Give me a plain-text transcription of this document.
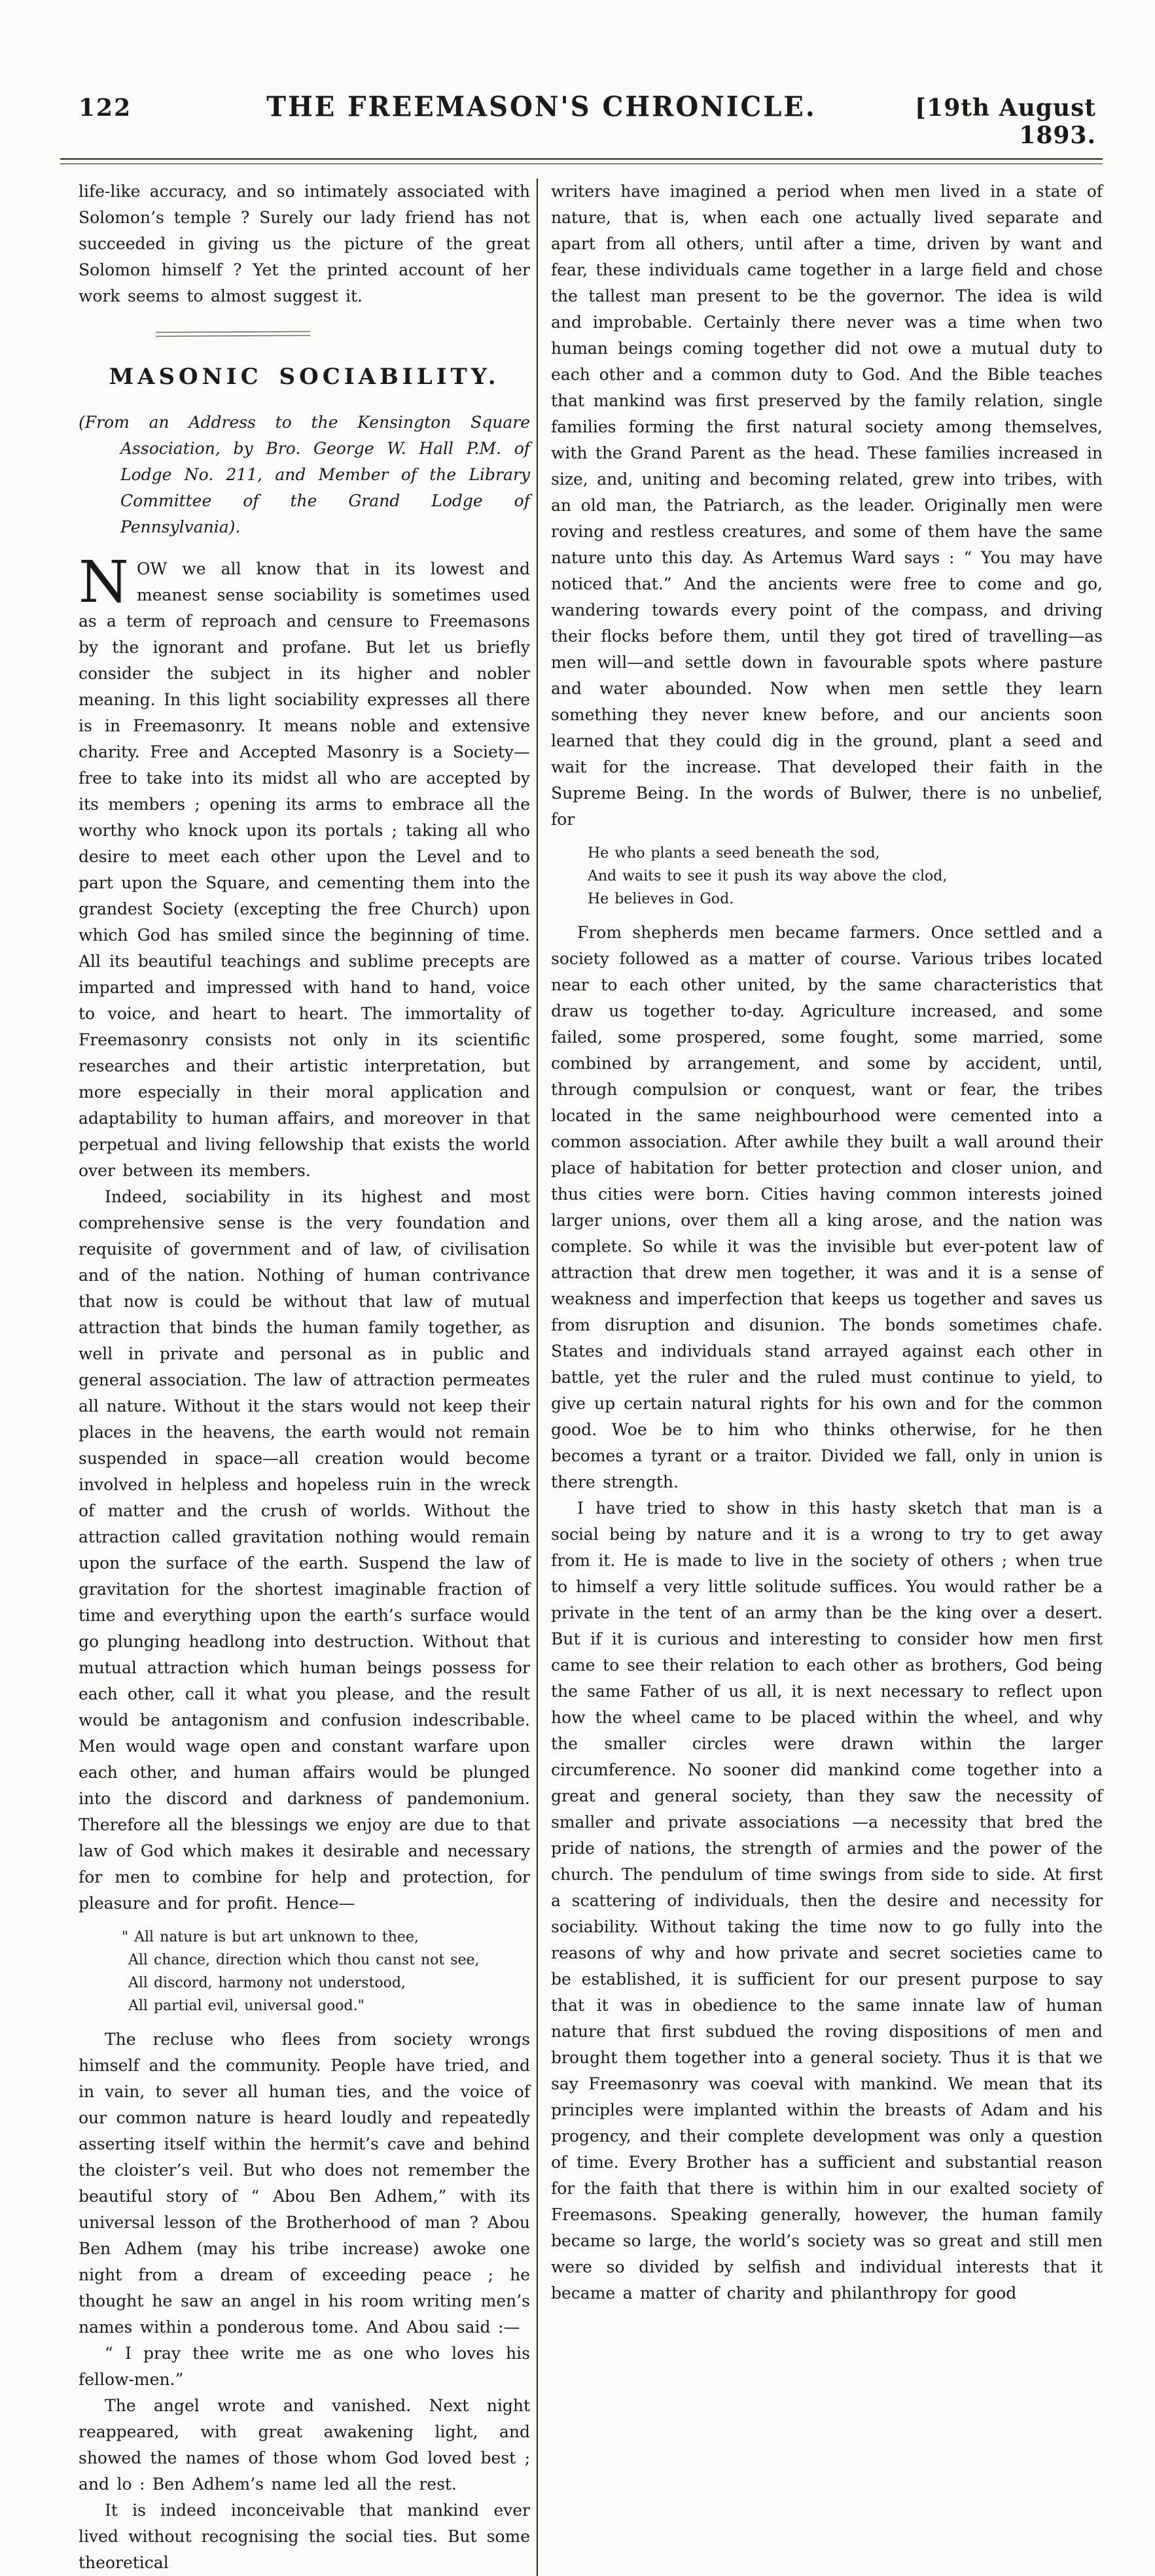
122	THE FREEMASON'S CHRONICLE.	[19th August 1893.

life-like accuracy, and so intimately associated with Solomon’s temple ? Surely our lady friend has not succeeded in giving us the picture of the great Solomon himself ? Yet the printed account of her work seems to almost suggest it.

MASONIC SOCIABILITY.

(From an Address to the Kensington Square Association, by Bro. George W. Hall P.M. of Lodge No. 211, and Member of the Library Committee of the Grand Lodge of Pennsylvania).

NOW we all know that in its lowest and meanest sense sociability is sometimes used as a term of reproach and censure to Freemasons by the ignorant and profane. But let us briefly consider the subject in its higher and nobler meaning. In this light sociability expresses all there is in Freemasonry. It means noble and extensive charity. Free and Accepted Masonry is a Society—free to take into its midst all who are accepted by its members ; opening its arms to embrace all the worthy who knock upon its portals ; taking all who desire to meet each other upon the Level and to part upon the Square, and cementing them into the grandest Society (excepting the free Church) upon which God has smiled since the beginning of time. All its beautiful teachings and sublime precepts are imparted and impressed with hand to hand, voice to voice, and heart to heart. The immortality of Freemasonry consists not only in its scientific researches and their artistic interpretation, but more especially in their moral application and adaptability to human affairs, and moreover in that perpetual and living fellowship that exists the world over between its members.

Indeed, sociability in its highest and most comprehensive sense is the very foundation and requisite of government and of law, of civilisation and of the nation. Nothing of human contrivance that now is could be without that law of mutual attraction that binds the human family together, as well in private and personal as in public and general association. The law of attraction permeates all nature. Without it the stars would not keep their places in the heavens, the earth would not remain suspended in space—all creation would become involved in helpless and hopeless ruin in the wreck of matter and the crush of worlds. Without the attraction called gravitation nothing would remain upon the surface of the earth. Suspend the law of gravitation for the shortest imaginable fraction of time and everything upon the earth’s surface would go plunging headlong into destruction. Without that mutual attraction which human beings possess for each other, call it what you please, and the result would be antagonism and confusion indescribable. Men would wage open and constant warfare upon each other, and human affairs would be plunged into the discord and darkness of pandemonium. Therefore all the blessings we enjoy are due to that law of God which makes it desirable and necessary for men to combine for help and protection, for pleasure and for profit. Hence—

" All nature is but art unknown to thee,
All chance, direction which thou canst not see,
All discord, harmony not understood,
All partial evil, universal good."

The recluse who flees from society wrongs himself and the community. People have tried, and in vain, to sever all human ties, and the voice of our common nature is heard loudly and repeatedly asserting itself within the hermit’s cave and behind the cloister’s veil. But who does not remember the beautiful story of “ Abou Ben Adhem,” with its universal lesson of the Brotherhood of man ? Abou Ben Adhem (may his tribe increase) awoke one night from a dream of exceeding peace ; he thought he saw an angel in his room writing men’s names within a ponderous tome. And Abou said :—

“ I pray thee write me as one who loves his fellow-men.”

The angel wrote and vanished. Next night reappeared, with great awakening light, and showed the names of those whom God loved best ; and lo : Ben Adhem’s name led all the rest.

It is indeed inconceivable that mankind ever lived without recognising the social ties. But some theoretical

writers have imagined a period when men lived in a state of nature, that is, when each one actually lived separate and apart from all others, until after a time, driven by want and fear, these individuals came together in a large field and chose the tallest man present to be the governor. The idea is wild and improbable. Certainly there never was a time when two human beings coming together did not owe a mutual duty to each other and a common duty to God. And the Bible teaches that mankind was first preserved by the family relation, single families forming the first natural society among themselves, with the Grand Parent as the head. These families increased in size, and, uniting and becoming related, grew into tribes, with an old man, the Patriarch, as the leader. Originally men were roving and restless creatures, and some of them have the same nature unto this day. As Artemus Ward says : “ You may have noticed that.” And the ancients were free to come and go, wandering towards every point of the compass, and driving their flocks before them, until they got tired of travelling—as men will—and settle down in favourable spots where pasture and water abounded. Now when men settle they learn something they never knew before, and our ancients soon learned that they could dig in the ground, plant a seed and wait for the increase. That developed their faith in the Supreme Being. In the words of Bulwer, there is no unbelief, for

He who plants a seed beneath the sod,
And waits to see it push its way above the clod,
He believes in God.

From shepherds men became farmers. Once settled and a society followed as a matter of course. Various tribes located near to each other united, by the same characteristics that draw us together to-day. Agriculture increased, and some failed, some prospered, some fought, some married, some combined by arrangement, and some by accident, until, through compulsion or conquest, want or fear, the tribes located in the same neighbourhood were cemented into a common association. After awhile they built a wall around their place of habitation for better protection and closer union, and thus cities were born. Cities having common interests joined larger unions, over them all a king arose, and the nation was complete. So while it was the invisible but ever-potent law of attraction that drew men together, it was and it is a sense of weakness and imperfection that keeps us together and saves us from disruption and disunion. The bonds sometimes chafe. States and individuals stand arrayed against each other in battle, yet the ruler and the ruled must continue to yield, to give up certain natural rights for his own and for the common good. Woe be to him who thinks otherwise, for he then becomes a tyrant or a traitor. Divided we fall, only in union is there strength.

I have tried to show in this hasty sketch that man is a social being by nature and it is a wrong to try to get away from it. He is made to live in the society of others ; when true to himself a very little solitude suffices. You would rather be a private in the tent of an army than be the king over a desert. But if it is curious and interesting to consider how men first came to see their relation to each other as brothers, God being the same Father of us all, it is next necessary to reflect upon how the wheel came to be placed within the wheel, and why the smaller circles were drawn within the larger circumference. No sooner did mankind come together into a great and general society, than they saw the necessity of smaller and private associations —a necessity that bred the pride of nations, the strength of armies and the power of the church. The pendulum of time swings from side to side. At first a scattering of individuals, then the desire and necessity for sociability. Without taking the time now to go fully into the reasons of why and how private and secret societies came to be established, it is sufficient for our present purpose to say that it was in obedience to the same innate law of human nature that first subdued the roving dispositions of men and brought them together into a general society. Thus it is that we say Freemasonry was coeval with mankind. We mean that its principles were implanted within the breasts of Adam and his progency, and their complete development was only a question of time. Every Brother has a sufficient and substantial reason for the faith that there is within him in our exalted society of Freemasons. Speaking generally, however, the human family became so large, the world’s society was so great and still men were so divided by selfish and individual interests that it became a matter of charity and philanthropy for good
